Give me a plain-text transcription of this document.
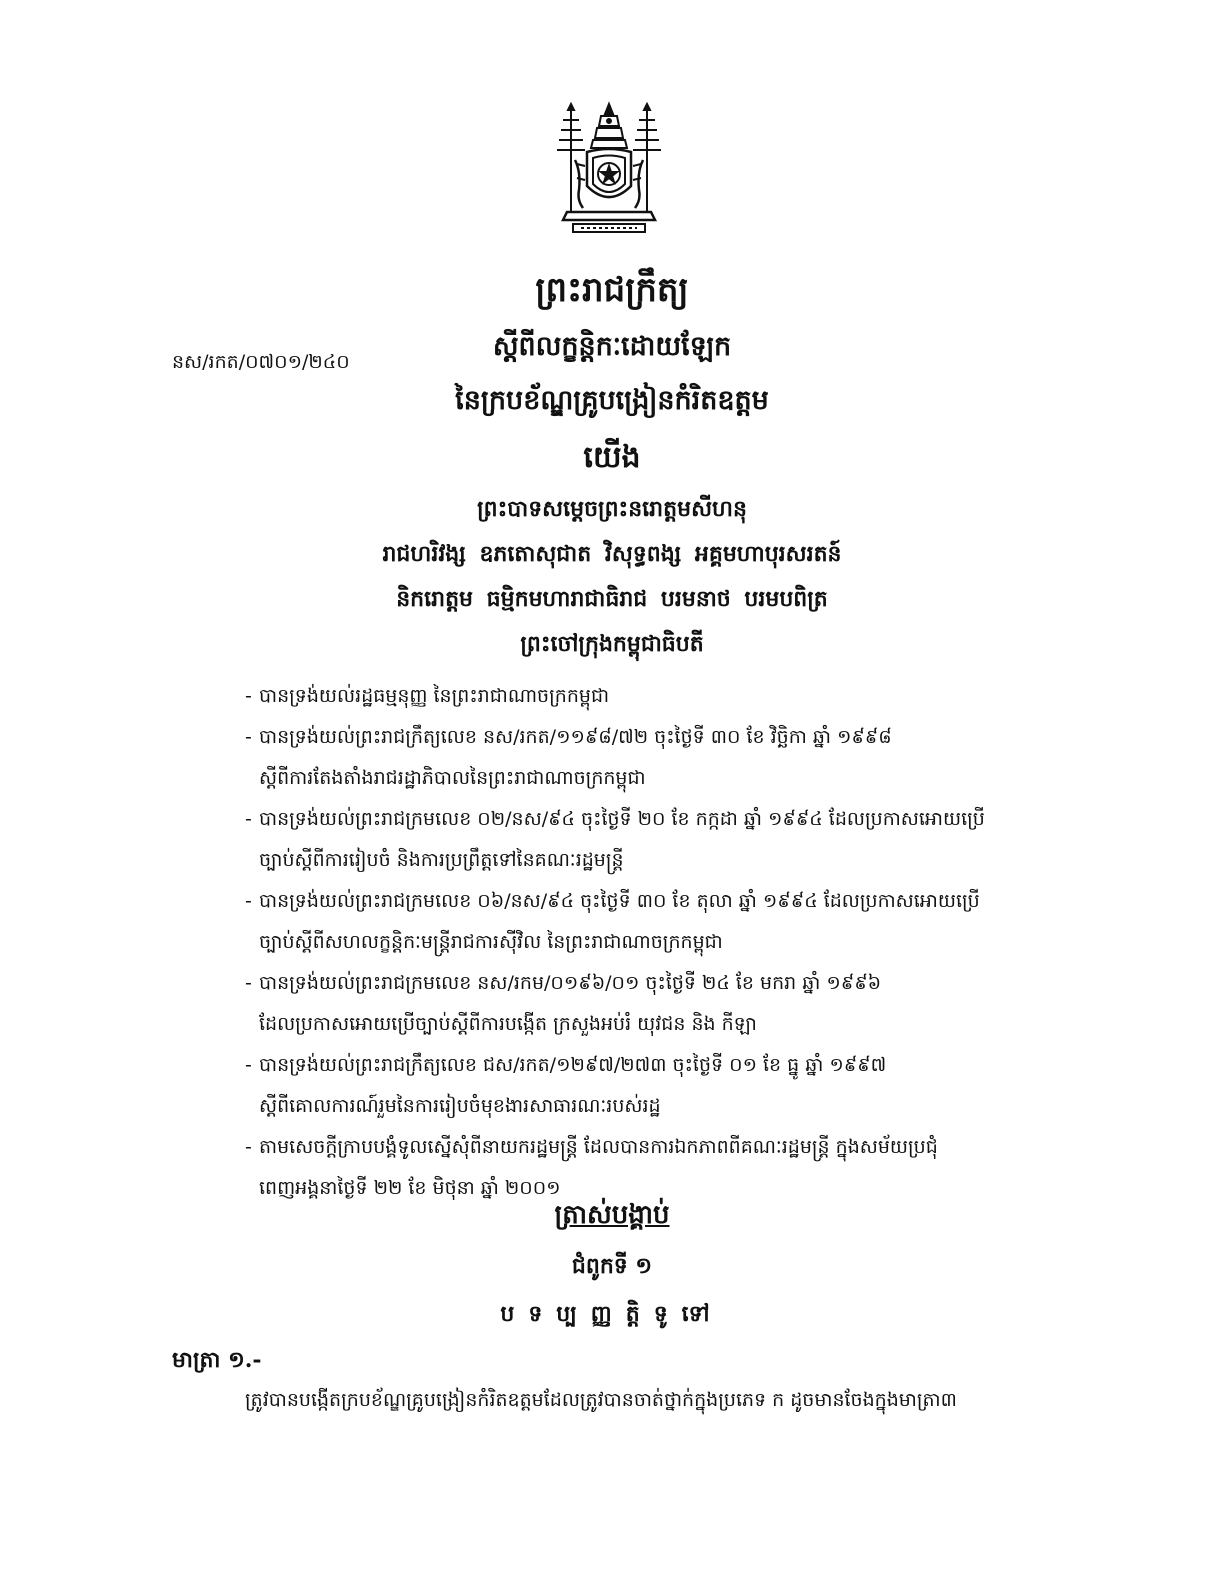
នស/រកត/០៧០១/២៤០
ព្រះរាជក្រឹត្យ
ស្ដីពីលក្ខន្តិកៈដោយឡែក
នៃក្របខ័ណ្ឌគ្រូបង្រៀនកំរិតឧត្ដម
យើង
ព្រះបាទសម្ដេចព្រះនរោត្តមសីហនុ
រាជហរិវង្ស ឧភតោសុជាត វិសុទ្ធពង្ស អគ្គមហាបុរសរតន៍
និករោត្តម ធម្មិកមហារាជាធិរាជ បរមនាថ បរមបពិត្រ
ព្រះចៅក្រុងកម្ពុជាធិបតី
- បានទ្រង់យល់រដ្ឋធម្មនុញ្ញ នៃព្រះរាជាណាចក្រកម្ពុជា
- បានទ្រង់យល់ព្រះរាជក្រឹត្យលេខ នស/រកត/១១៩៨/៧២ ចុះថ្ងៃទី ៣០ ខែ វិច្ឆិកា ឆ្នាំ ១៩៩៨
ស្ដីពីការតែងតាំងរាជរដ្ឋាភិបាលនៃព្រះរាជាណាចក្រកម្ពុជា
- បានទ្រង់យល់ព្រះរាជក្រមលេខ ០២/នស/៩៤ ចុះថ្ងៃទី ២០ ខែ កក្កដា ឆ្នាំ ១៩៩៤ ដែលប្រកាសអោយប្រើ
ច្បាប់ស្ដីពីការរៀបចំ និងការប្រព្រឹត្តទៅនៃគណៈរដ្ឋមន្ត្រី
- បានទ្រង់យល់ព្រះរាជក្រមលេខ ០៦/នស/៩៤ ចុះថ្ងៃទី ៣០ ខែ តុលា ឆ្នាំ ១៩៩៤ ដែលប្រកាសអោយប្រើ
ច្បាប់ស្ដីពីសហលក្ខន្តិកៈមន្ត្រីរាជការស៊ីវិល នៃព្រះរាជាណាចក្រកម្ពុជា
- បានទ្រង់យល់ព្រះរាជក្រមលេខ នស/រកម/០១៩៦/០១ ចុះថ្ងៃទី ២៤ ខែ មករា ឆ្នាំ ១៩៩៦
ដែលប្រកាសអោយប្រើច្បាប់ស្ដីពីការបង្កើត ក្រសួងអប់រំ យុវជន និង កីឡា
- បានទ្រង់យល់ព្រះរាជក្រឹត្យលេខ ជស/រកត/១២៩៧/២៧៣ ចុះថ្ងៃទី ០១ ខែ ធ្នូ ឆ្នាំ ១៩៩៧
ស្ដីពីគោលការណ៍រួមនៃការរៀបចំមុខងារសាធារណៈរបស់រដ្ឋ
- តាមសេចក្ដីក្រាបបង្គំទូលស្នើសុំពីនាយករដ្ឋមន្ត្រី ដែលបានការឯកភាពពីគណៈរដ្ឋមន្ត្រី ក្នុងសម័យប្រជុំ
ពេញអង្គនាថ្ងៃទី ២២ ខែ មិថុនា ឆ្នាំ ២០០១
ត្រាស់បង្គាប់
ជំពូកទី ១
បទប្បញ្ញត្តិទូទៅ
មាត្រា ១.-
ត្រូវបានបង្កើតក្របខ័ណ្ឌគ្រូបង្រៀនកំរិតឧត្ដមដែលត្រូវបានចាត់ថ្នាក់ក្នុងប្រភេទ ក ដូចមានចែងក្នុងមាត្រា៣
